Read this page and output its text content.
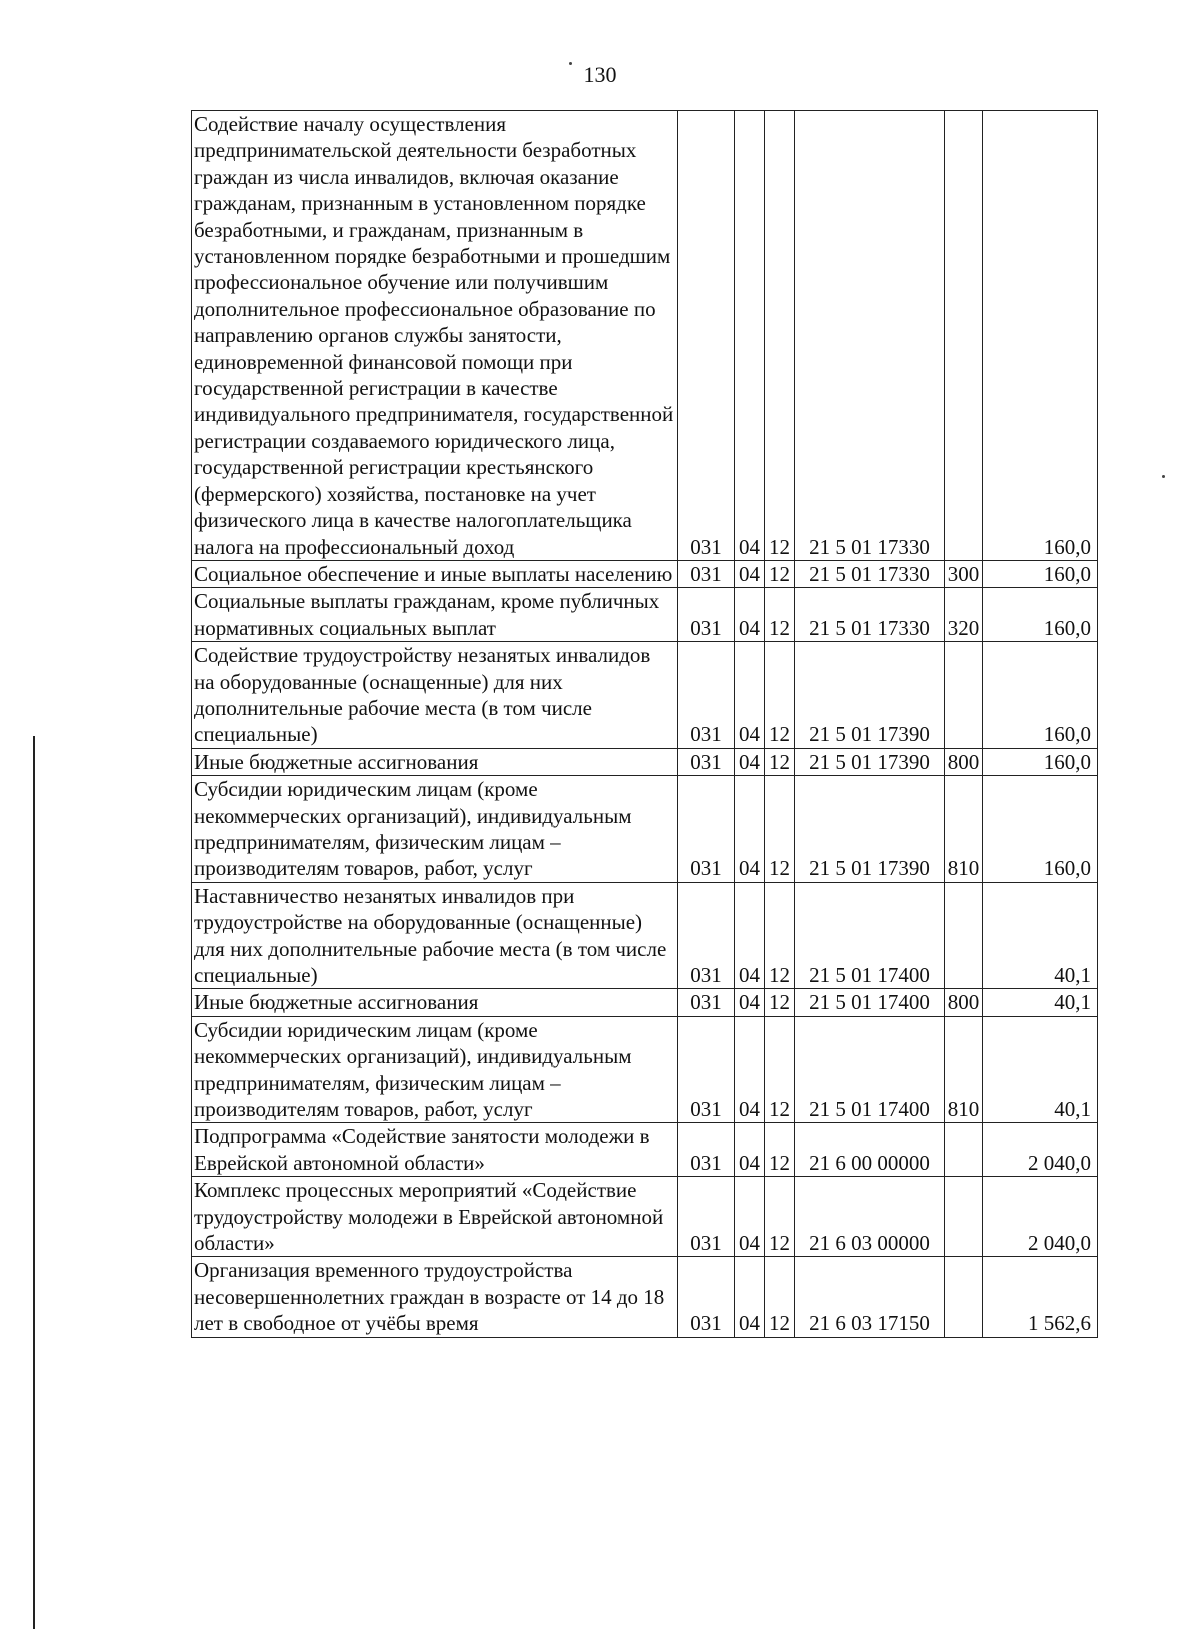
130
Содействие началу осуществления предпринимательской деятельности безработных граждан из числа инвалидов, включая оказание гражданам, признанным в установленном порядке безработными, и гражданам, признанным в установленном порядке безработными и прошедшим профессиональное обучение или получившим дополнительное профессиональное образование по направлению органов службы занятости, единовременной финансовой помощи при государственной регистрации в качестве индивидуального предпринимателя, государственной регистрации создаваемого юридического лица, государственной регистрации крестьянского (фермерского) хозяйства, постановке на учет физического лица в качестве налогоплательщика налога на профессиональный доход	031	04	12	21 5 01 17330		160,0
Социальное обеспечение и иные выплаты населению	031	04	12	21 5 01 17330	300	160,0
Социальные выплаты гражданам, кроме публичных нормативных социальных выплат	031	04	12	21 5 01 17330	320	160,0
Содействие трудоустройству незанятых инвалидов на оборудованные (оснащенные) для них дополнительные рабочие места (в том числе специальные)	031	04	12	21 5 01 17390		160,0
Иные бюджетные ассигнования	031	04	12	21 5 01 17390	800	160,0
Субсидии юридическим лицам (кроме некоммерческих организаций), индивидуальным предпринимателям, физическим лицам – производителям товаров, работ, услуг	031	04	12	21 5 01 17390	810	160,0
Наставничество незанятых инвалидов при трудоустройстве на оборудованные (оснащенные) для них дополнительные рабочие места (в том числе специальные)	031	04	12	21 5 01 17400		40,1
Иные бюджетные ассигнования	031	04	12	21 5 01 17400	800	40,1
Субсидии юридическим лицам (кроме некоммерческих организаций), индивидуальным предпринимателям, физическим лицам – производителям товаров, работ, услуг	031	04	12	21 5 01 17400	810	40,1
Подпрограмма «Содействие занятости молодежи в Еврейской автономной области»	031	04	12	21 6 00 00000		2 040,0
Комплекс процессных мероприятий «Содействие трудоустройству молодежи в Еврейской автономной области»	031	04	12	21 6 03 00000		2 040,0
Организация временного трудоустройства несовершеннолетних граждан в возрасте от 14 до 18 лет в свободное от учёбы время	031	04	12	21 6 03 17150		1 562,6
